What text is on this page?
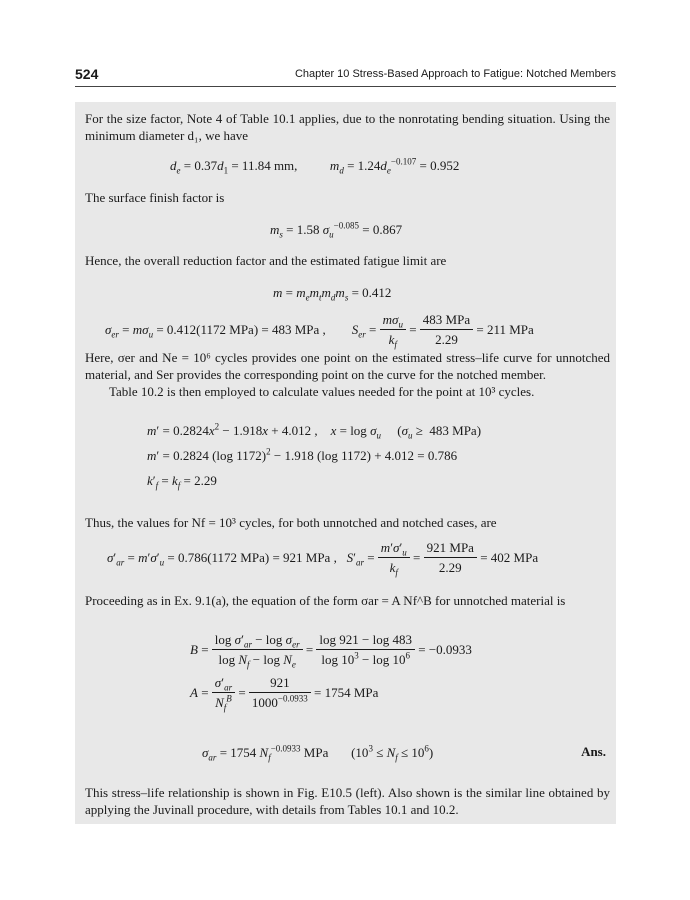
524	Chapter 10 Stress-Based Approach to Fatigue: Notched Members
For the size factor, Note 4 of Table 10.1 applies, due to the nonrotating bending situation. Using the minimum diameter d₁, we have
$d_e = 0.37d_1 = 11.84$ mm,          $m_d = 1.24d_e^{-0.107} = 0.952$
The surface finish factor is
$m_s = 1.58$ $\sigma_u^{-0.085} = 0.867$
Hence, the overall reduction factor and the estimated fatigue limit are
$m = m_em_tm_dm_s = 0.412$
$\sigma_{er} = m\sigma_u = 0.412(1172$ MPa) = 483 MPa ,        $S_{er} = \frac{m\sigma_u}{k_f} = \frac{\text{483 MPa}}{2.29} = 211$ MPa
Here, σer and Ne = 10⁶ cycles provides one point on the estimated stress–life curve for unnotched material, and Ser provides the corresponding point on the curve for the notched member.
Table 10.2 is then employed to calculate values needed for the point at 10³ cycles.
$m' = 0.2824x^2 - 1.918x + 4.012$ ,    $x = \log \sigma_u$     ($\sigma_u \ge 483$ MPa)
m′ = 0.2824 (log 1172)$^2$ − 1.918 (log 1172) + 4.012 = 0.786
$k'_f = k_f = 2.29$
Thus, the values for Nf = 10³ cycles, for both unnotched and notched cases, are
$\sigma'_{ar} = m'\sigma'_u = 0.786(1172$ MPa) = 921 MPa ,   $S'_{ar} = \frac{m'\sigma'_u}{k_f} = \frac{\text{921 MPa}}{2.29} = 402$ MPa
Proceeding as in Ex. 9.1(a), the equation of the form σar = A Nf^B for unnotched material is
$B = \frac{\log \sigma'_{ar} - \log \sigma_{er}}{\log N_f - \log N_e} = \frac{\log 921 - \log 483}{\log 10^3 - \log 10^6} = -0.0933$
$A = \frac{\sigma'_{ar}}{N_f^B} = \frac{921}{1000^{-0.0933}} = 1754$ MPa
$\sigma_{ar} = 1754$ $N_f^{-0.0933}$ MPa       $(10^3 \le N_f \le 10^6)$	Ans.
This stress–life relationship is shown in Fig. E10.5 (left). Also shown is the similar line obtained by applying the Juvinall procedure, with details from Tables 10.1 and 10.2.
